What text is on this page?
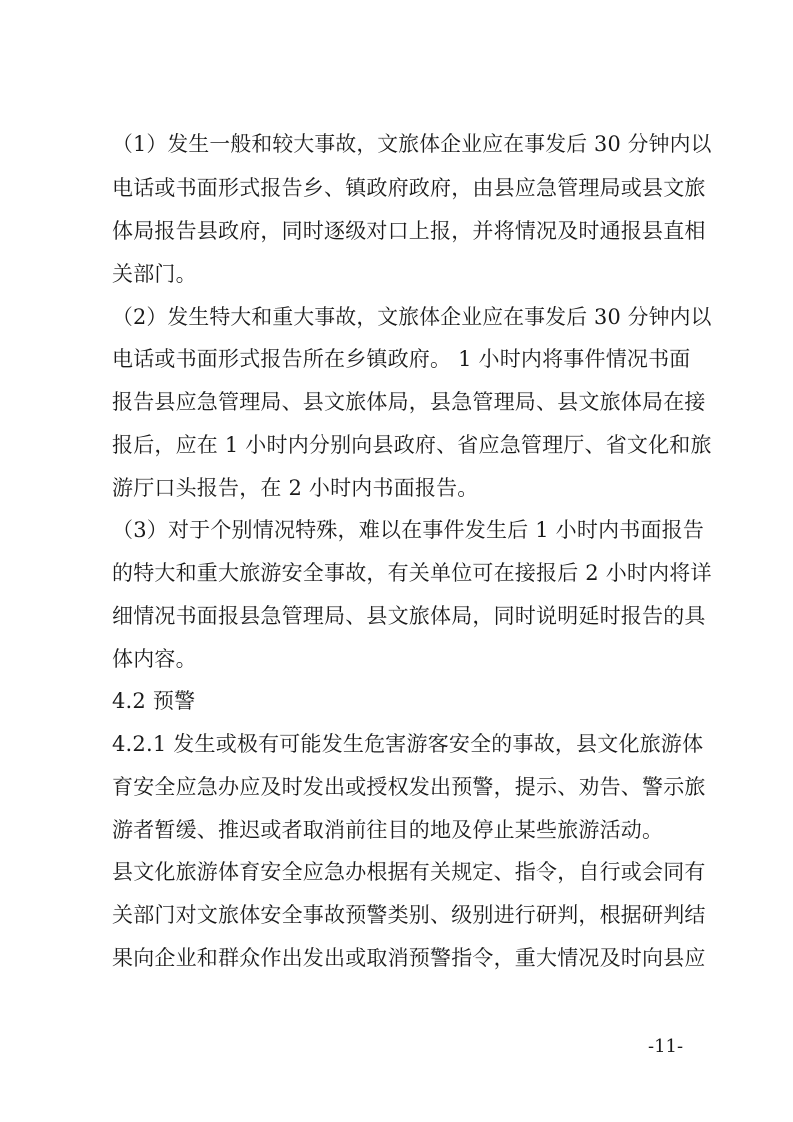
（1）发生一般和较大事故，文旅体企业应在事发后 30 分钟内以
电话或书面形式报告乡、镇政府政府，由县应急管理局或县文旅
体局报告县政府，同时逐级对口上报，并将情况及时通报县直相
关部门。
（2）发生特大和重大事故，文旅体企业应在事发后 30 分钟内以
电话或书面形式报告所在乡镇政府。 1 小时内将事件情况书面
报告县应急管理局、县文旅体局，县急管理局、县文旅体局在接
报后，应在 1 小时内分别向县政府、省应急管理厅、省文化和旅
游厅口头报告，在 2 小时内书面报告。
（3）对于个别情况特殊，难以在事件发生后 1 小时内书面报告
的特大和重大旅游安全事故，有关单位可在接报后 2 小时内将详
细情况书面报县急管理局、县文旅体局，同时说明延时报告的具
体内容。
4.2 预警
4.2.1 发生或极有可能发生危害游客安全的事故，县文化旅游体
育安全应急办应及时发出或授权发出预警，提示、劝告、警示旅
游者暂缓、推迟或者取消前往目的地及停止某些旅游活动。
县文化旅游体育安全应急办根据有关规定、指令，自行或会同有
关部门对文旅体安全事故预警类别、级别进行研判，根据研判结
果向企业和群众作出发出或取消预警指令，重大情况及时向县应
-11-
